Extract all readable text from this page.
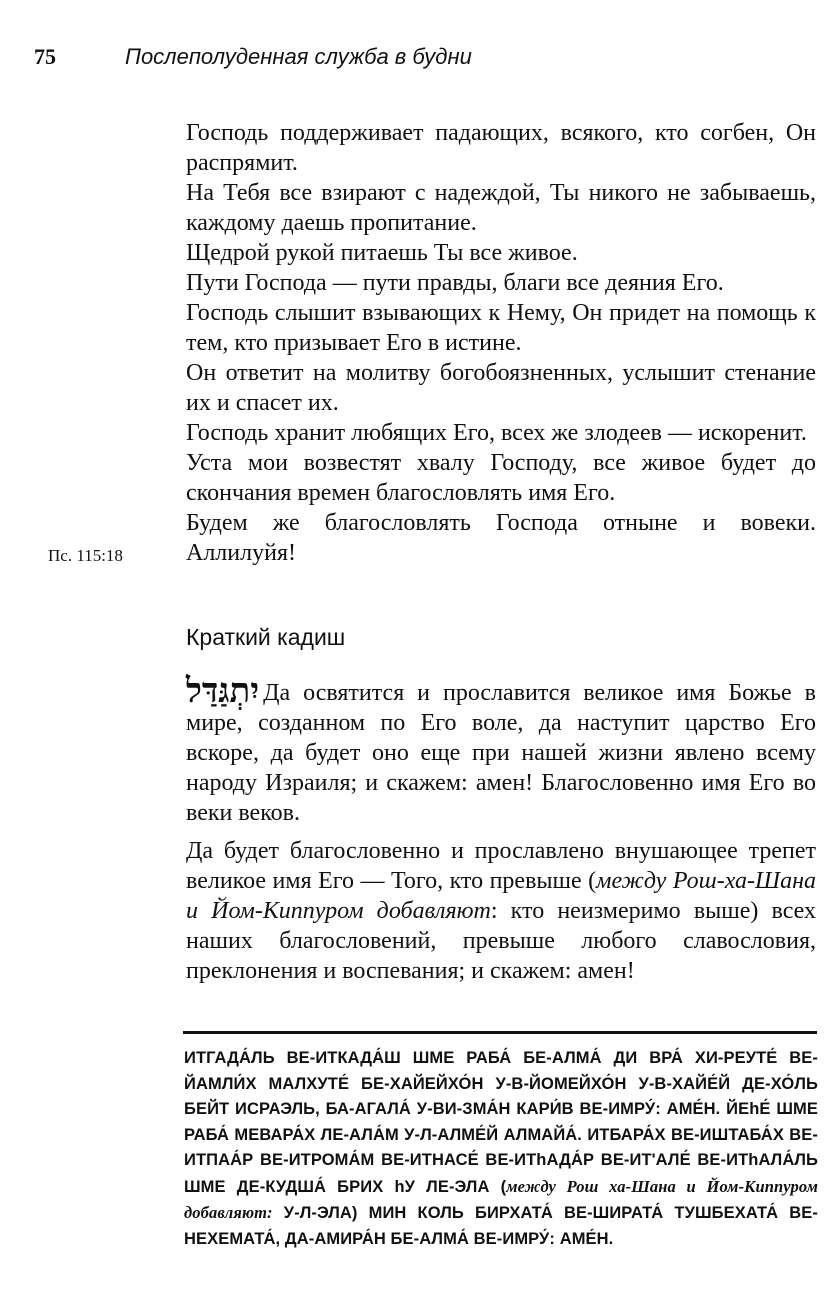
75	Послеполуденная служба в будни

Господь поддерживает падающих, всякого, кто согбен, Он распрямит.

На Тебя все взирают с надеждой, Ты никого не забываешь, каждому даешь пропитание.

Щедрой рукой питаешь Ты все живое.

Пути Господа — пути правды, благи все деяния Его.

Господь слышит взывающих к Нему, Он придет на помощь к тем, кто призывает Его в истине.

Он ответит на молитву богобоязненных, услышит стенание их и спасет их.

Господь хранит любящих Его, всех же злодеев — искоренит.

Уста мои возвестят хвалу Господу, все живое будет до скончания времен благословлять имя Его.

Будем же благословлять Господа отныне и вовеки. Аллилуйя!

Пс. 115:18
Краткий кадиш

יִתְגַּדַּל Да освятится и прославится великое имя Божье в мире, созданном по Его воле, да наступит царство Его вскоре, да будет оно еще при нашей жизни явлено всему народу Израиля; и скажем: амен! Благословенно имя Его во веки веков.

Да будет благословенно и прославлено внушающее трепет великое имя Его — Того, кто превыше (между Рош-ха-Шана и Йом-Киппуром добавляют: кто неизмеримо выше) всех наших благословений, превыше любого славословия, преклонения и воспевания; и скажем: амен!

ИТГАДА́ЛЬ ВЕ-ИТКАДА́Ш ШМЕ РАБА́ БЕ-АЛМА́ ДИ ВРА́ ХИ-РЕУТЕ́ ВЕ-ЙАМЛИ́Х МАЛХУТЕ́ БЕ-ХАЙЕЙХО́Н У-В-ЙОМЕЙХО́Н У-В-ХАЙЕ́Й ДЕ-ХО́ЛЬ БЕЙТ ИСРАЭЛЬ, БА-АГАЛА́ У-ВИ-ЗМА́Н КАРИ́В ВЕ-ИМРУ́: АМЕ́Н. ЙЕhЕ́ ШМЕ РАБА́ МЕВАРА́Х ЛЕ-АЛА́М У-Л-АЛМЕ́Й АЛМАЙА́. ИТБАРА́Х ВЕ-ИШТАБА́Х ВЕ-ИТПАА́Р ВЕ-ИТРОМА́М ВЕ-ИТНАСЕ́ ВЕ-ИТhАДА́Р ВЕ-ИТ'АЛЕ́ ВЕ-ИТhАЛА́ЛЬ ШМЕ ДЕ-КУДША́ БРИХ hУ ЛЕ-ЭЛА (между Рош ха-Шана и Йом-Киппуром добавляют: У-Л-ЭЛА) МИН КОЛЬ БИРХАТА́ ВЕ-ШИРАТА́ ТУШБЕХАТА́ ВЕ-НЕХЕМАТА́, ДА-АМИРА́Н БЕ-АЛМА́ ВЕ-ИМРУ́: АМЕ́Н.
